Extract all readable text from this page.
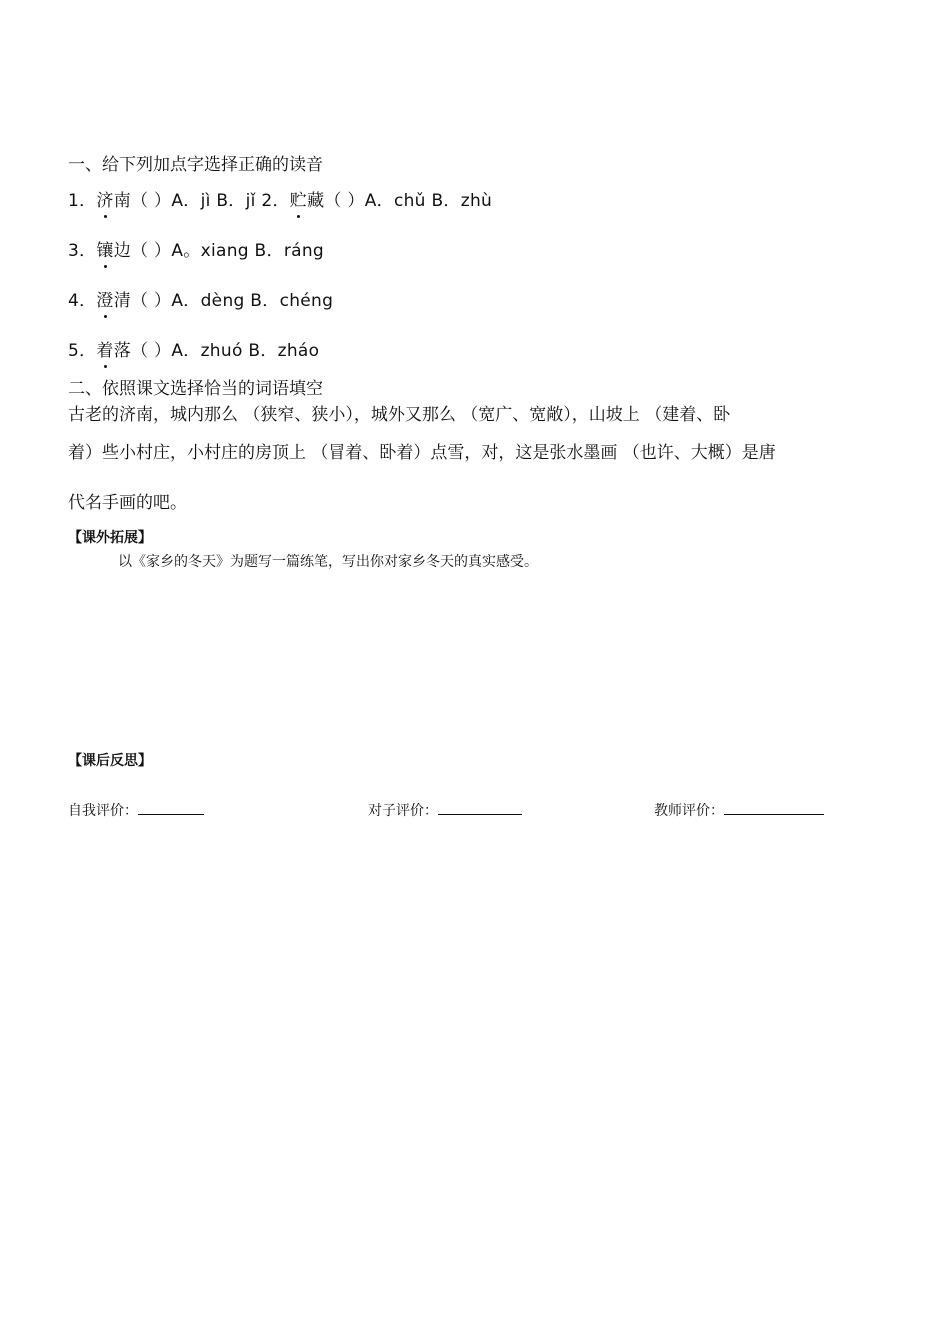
一、给下列加点字选择正确的读音
1．济南（ ）A．jì B．jǐ 2．贮藏（ ）A．chǔ B．zhù
3．镶边（ ）A。xiang B．ráng
4．澄清（ ）A．dèng B．chéng
5．着落（ ）A．zhuó B．zháo
二、依照课文选择恰当的词语填空
古老的济南，城内那么 （狭窄、狭小），城外又那么 （宽广、宽敞），山坡上 （建着、卧
着）些小村庄，小村庄的房顶上 （冒着、卧着）点雪，对，这是张水墨画 （也许、大概）是唐
代名手画的吧。
【课外拓展】
以《家乡的冬天》为题写一篇练笔，写出你对家乡冬天的真实感受。
【课后反思】
自我评价：	对子评价：	教师评价：
